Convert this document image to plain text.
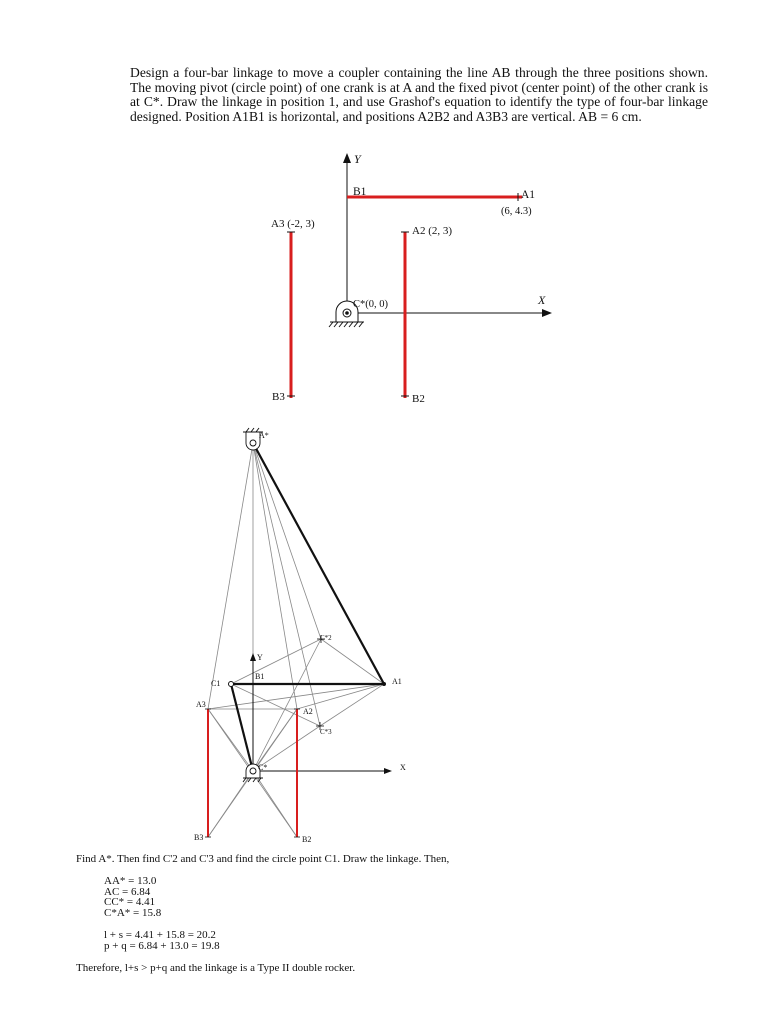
Design a four-bar linkage to move a coupler containing the line AB through the three positions shown. The moving pivot (circle point) of one crank is at A and the fixed pivot (center point) of the other crank is at C*. Draw the linkage in position 1, and use Grashof's equation to identify the type of four-bar linkage designed. Position A1B1 is horizontal, and positions A2B2 and A3B3 are vertical. AB = 6 cm.

Y
X
B1	A1
(6, 4.3)
A3 (-2, 3)
A2 (2, 3)
C*(0, 0)
B3	B2
A*
Y
X
C*2
C*3
C1
B1
A1
A3
A2
C*
B3	B2

Find A*. Then find C'2 and C'3 and find the circle point C1. Draw the linkage. Then,

AA* = 13.0
AC = 6.84
CC* = 4.41
C*A* = 15.8
l + s = 4.41 + 15.8 = 20.2
p + q = 6.84 + 13.0 = 19.8

Therefore, l+s > p+q and the linkage is a Type II double rocker.
